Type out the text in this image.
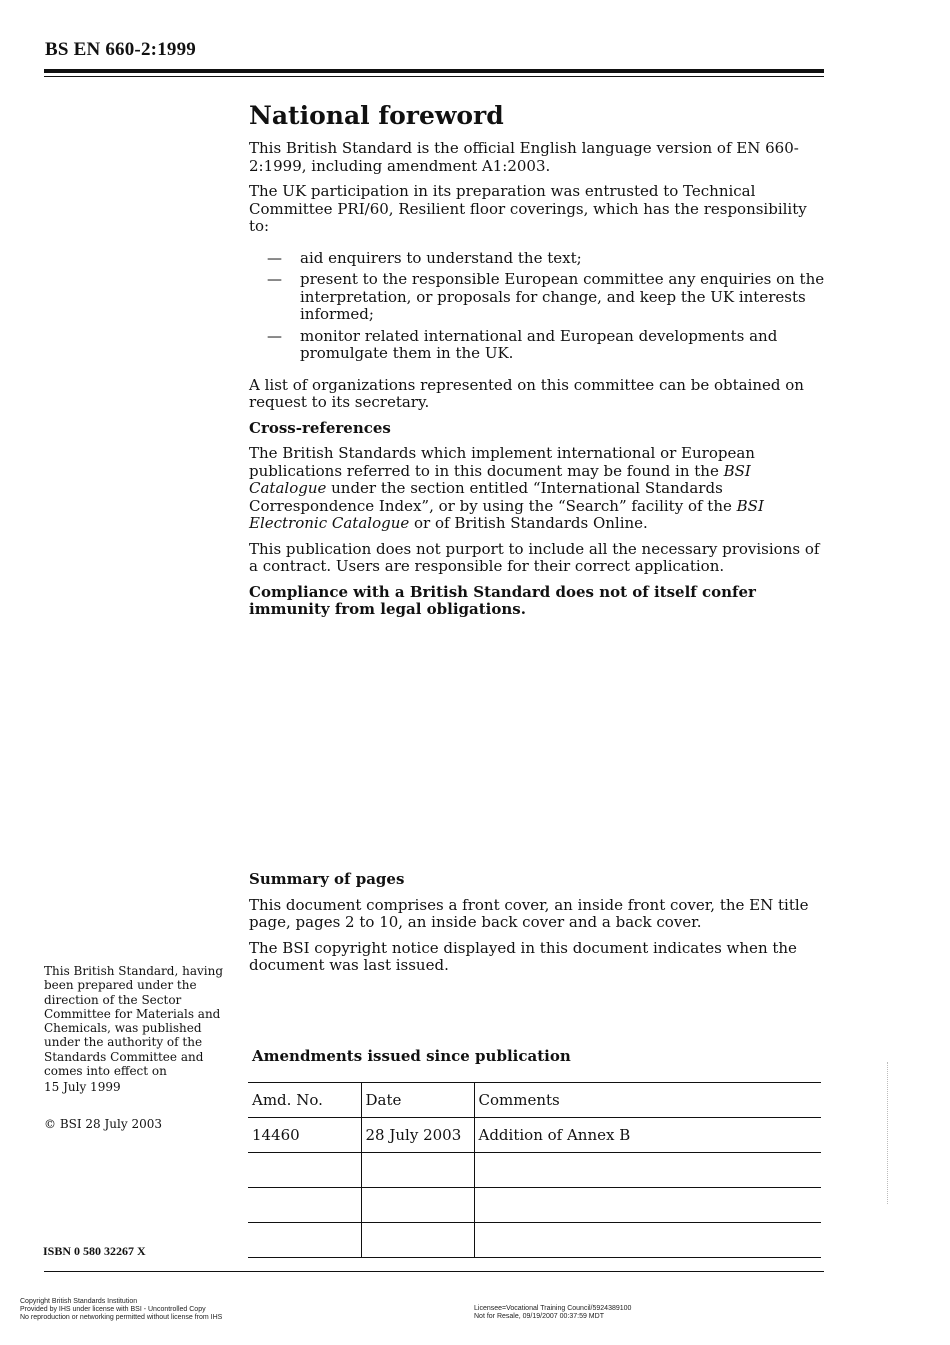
BS EN 660-2:1999
National foreword

This British Standard is the official English language version of EN 660-2:1999, including amendment A1:2003.

The UK participation in its preparation was entrusted to Technical Committee PRI/60, Resilient floor coverings, which has the responsibility to:

— aid enquirers to understand the text;
— present to the responsible European committee any enquiries on the interpretation, or proposals for change, and keep the UK interests informed;
— monitor related international and European developments and promulgate them in the UK.

A list of organizations represented on this committee can be obtained on request to its secretary.

Cross-references

The British Standards which implement international or European publications referred to in this document may be found in the BSI Catalogue under the section entitled “International Standards Correspondence Index”, or by using the “Search” facility of the BSI Electronic Catalogue or of British Standards Online.

This publication does not purport to include all the necessary provisions of a contract. Users are responsible for their correct application.

Compliance with a British Standard does not of itself confer immunity from legal obligations.

Summary of pages

This document comprises a front cover, an inside front cover, the EN title page, pages 2 to 10, an inside back cover and a back cover.

The BSI copyright notice displayed in this document indicates when the document was last issued.

This British Standard, having been prepared under the direction of the Sector Committee for Materials and Chemicals, was published under the authority of the Standards Committee and comes into effect on

15 July 1999

© BSI 28 July 2003
ISBN 0 580 32267 X
Amendments issued since publication
Amd. No.	Date	Comments
14460	28 July 2003	Addition of Annex B

Copyright British Standards Institution
Provided by IHS under license with BSI - Uncontrolled Copy
No reproduction or networking permitted without license from IHS
Licensee=Vocational Training Council/5924389100
Not for Resale, 09/19/2007 00:37:59 MDT
